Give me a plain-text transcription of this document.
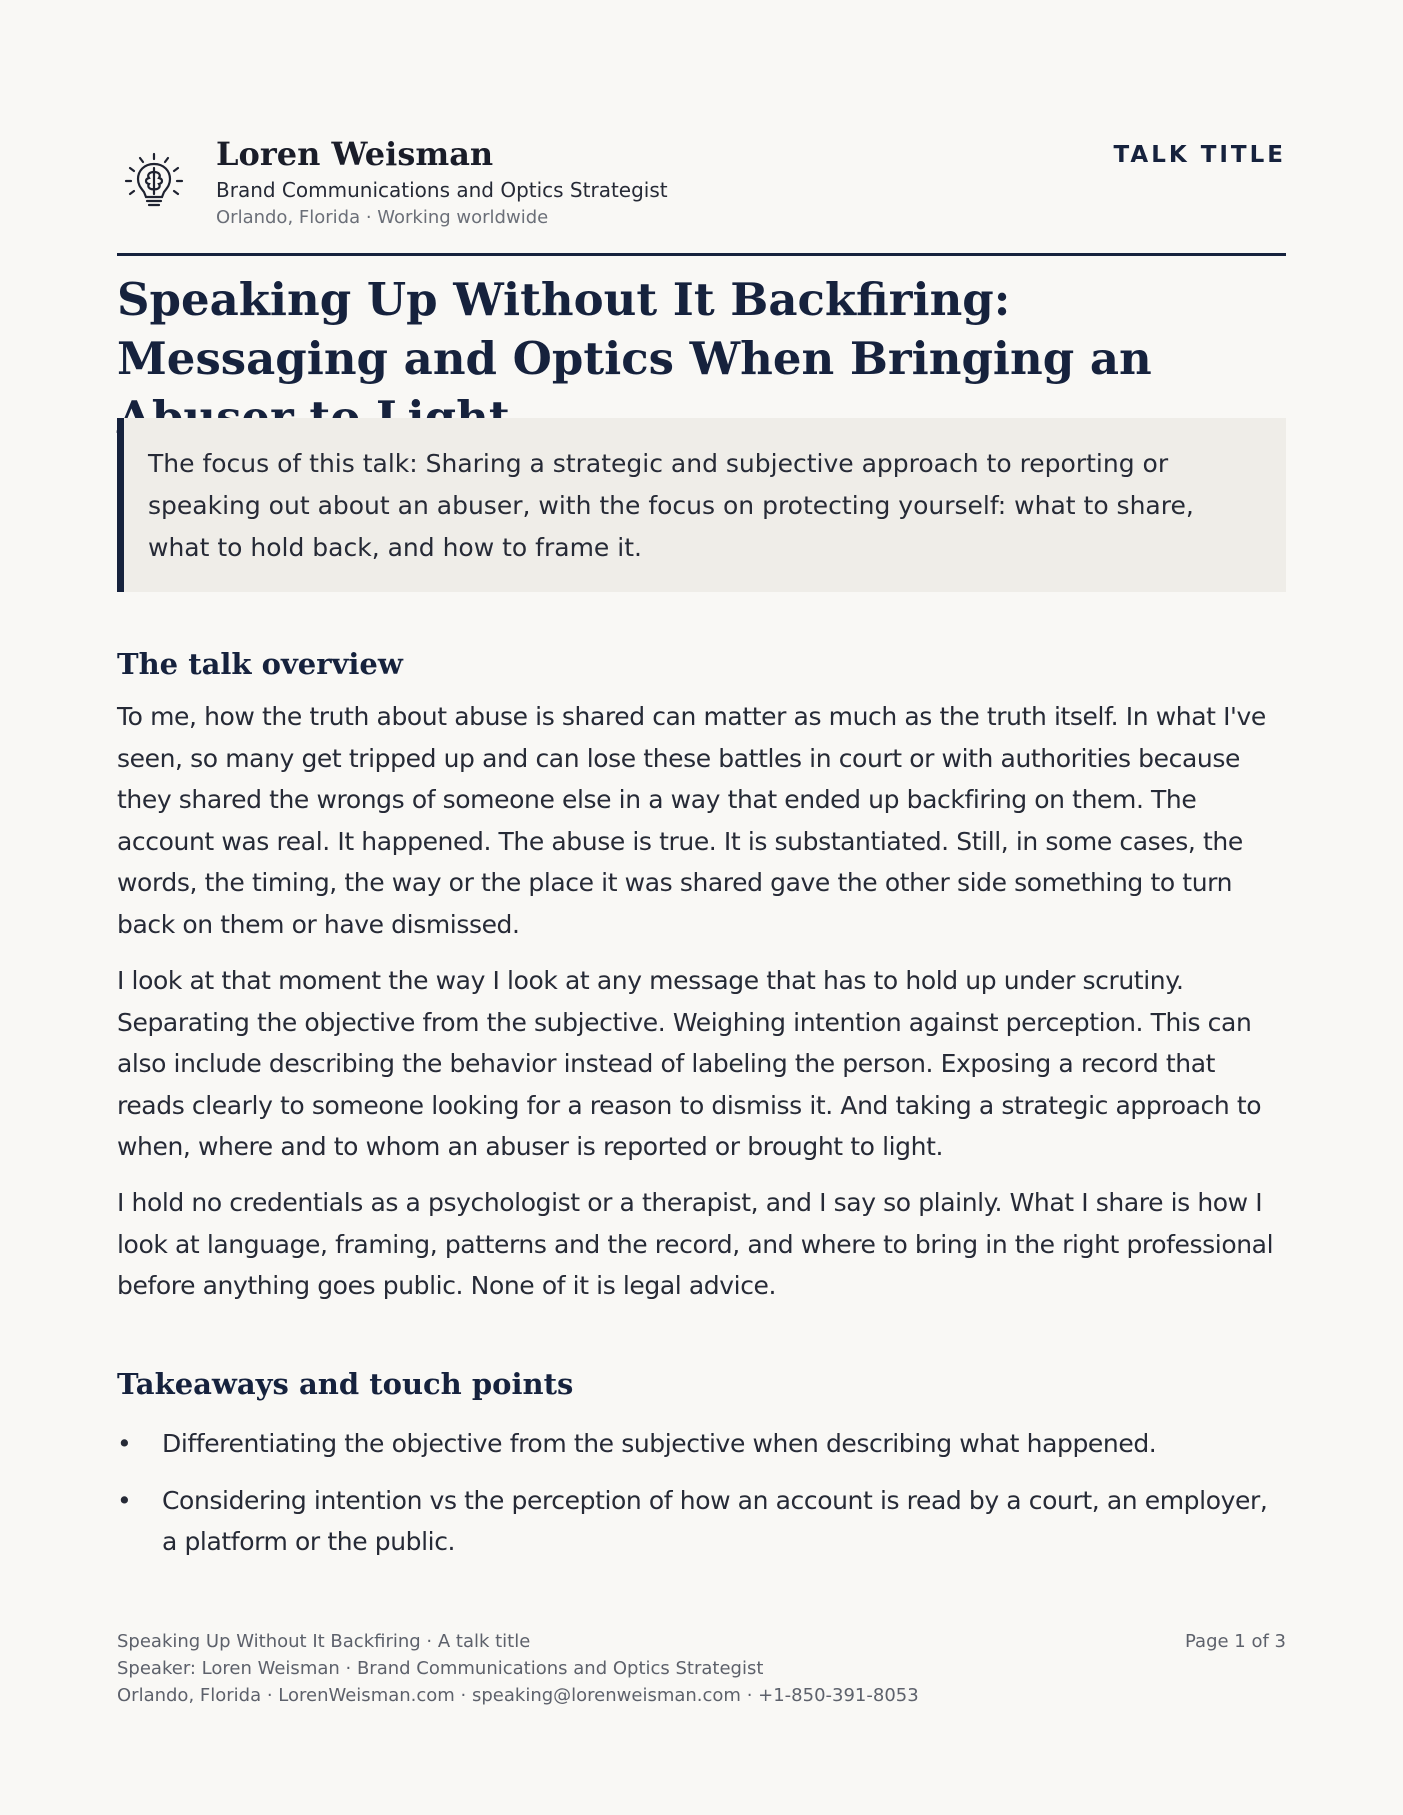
Loren Weisman
Brand Communications and Optics Strategist
Orlando, Florida · Working worldwide
TALK TITLE
Speaking Up Without It Backfiring: Messaging and Optics When Bringing an
The focus of this talk: Sharing a strategic and subjective approach to reporting or speaking out about an abuser, with the focus on protecting yourself: what to share, what to hold back, and how to frame it.
The talk overview

To me, how the truth about abuse is shared can matter as much as the truth itself. In what I've seen, so many get tripped up and can lose these battles in court or with authorities because they shared the wrongs of someone else in a way that ended up backfiring on them. The account was real. It happened. The abuse is true. It is substantiated. Still, in some cases, the words, the timing, the way or the place it was shared gave the other side something to turn back on them or have dismissed.

I look at that moment the way I look at any message that has to hold up under scrutiny. Separating the objective from the subjective. Weighing intention against perception. This can also include describing the behavior instead of labeling the person. Exposing a record that reads clearly to someone looking for a reason to dismiss it. And taking a strategic approach to when, where and to whom an abuser is reported or brought to light.

I hold no credentials as a psychologist or a therapist, and I say so plainly. What I share is how I look at language, framing, patterns and the record, and where to bring in the right professional before anything goes public. None of it is legal advice.

Takeaways and touch points
• Differentiating the objective from the subjective when describing what happened.
• Considering intention vs the perception of how an account is read by a court, an employer, a platform or the public.
Speaking Up Without It Backfiring · A talk title
Speaker: Loren Weisman · Brand Communications and Optics Strategist
Orlando, Florida · LorenWeisman.com · speaking@lorenweisman.com · +1-850-391-8053
Page 1 of 3
